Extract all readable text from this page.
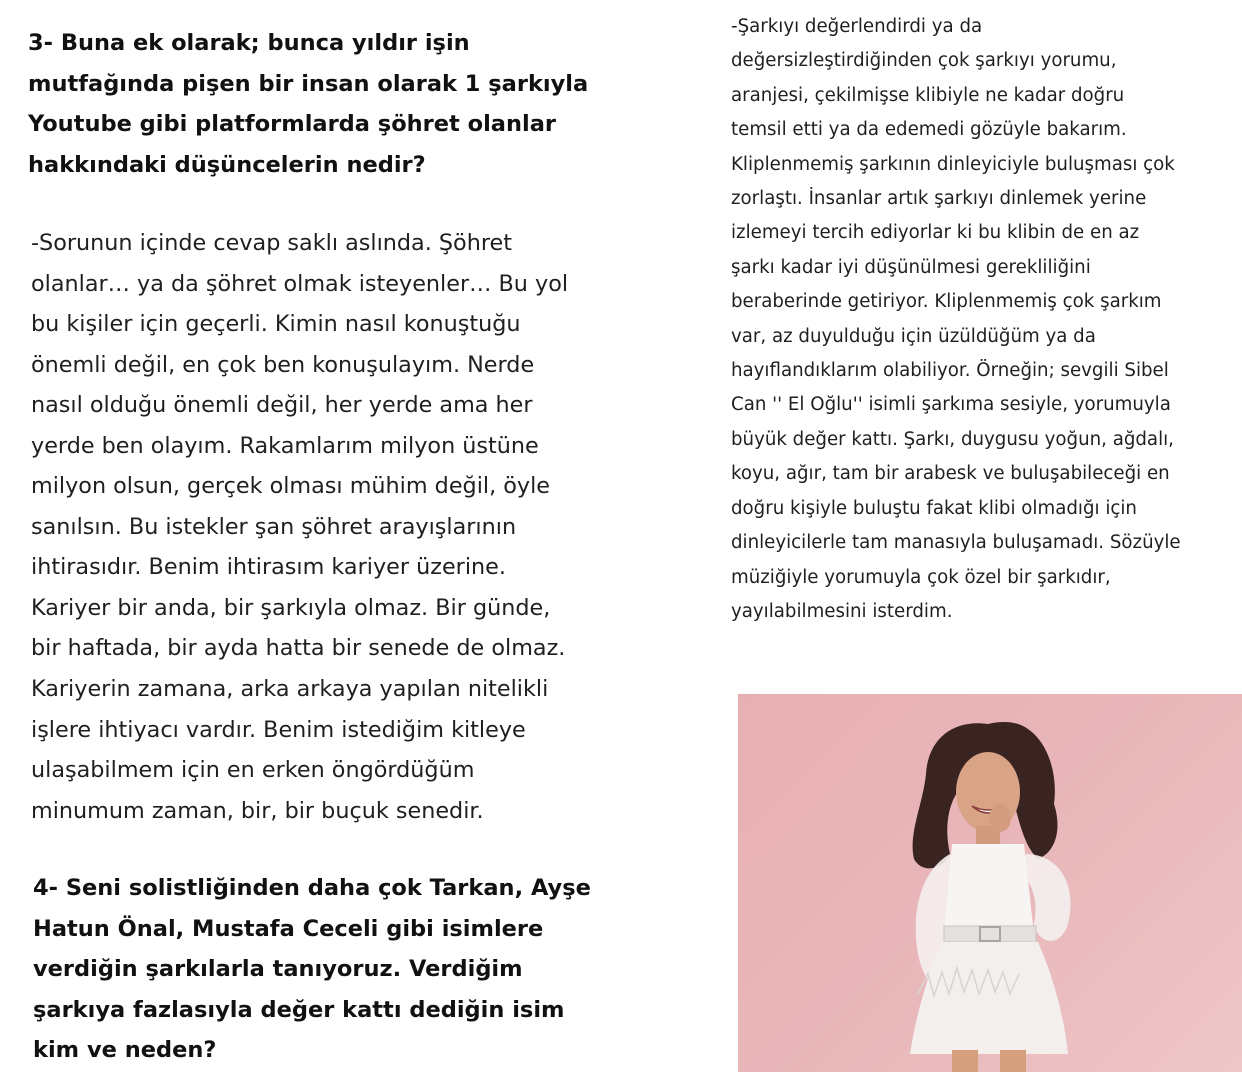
3- Buna ek olarak; bunca yıldır işin
mutfağında pişen bir insan olarak 1 şarkıyla
Youtube gibi platformlarda şöhret olanlar
hakkındaki düşüncelerin nedir?

-Sorunun içinde cevap saklı aslında. Şöhret
olanlar… ya da şöhret olmak isteyenler… Bu yol
bu kişiler için geçerli. Kimin nasıl konuştuğu
önemli değil, en çok ben konuşulayım. Nerde
nasıl olduğu önemli değil, her yerde ama her
yerde ben olayım. Rakamlarım milyon üstüne
milyon olsun, gerçek olması mühim değil, öyle
sanılsın. Bu istekler şan şöhret arayışlarının
ihtirasıdır. Benim ihtirasım kariyer üzerine.
Kariyer bir anda, bir şarkıyla olmaz. Bir günde,
bir haftada, bir ayda hatta bir senede de olmaz.
Kariyerin zamana, arka arkaya yapılan nitelikli
işlere ihtiyacı vardır. Benim istediğim kitleye
ulaşabilmem için en erken öngördüğüm
minumum zaman, bir, bir buçuk senedir.

4- Seni solistliğinden daha çok Tarkan, Ayşe
Hatun Önal, Mustafa Ceceli gibi isimlere
verdiğin şarkılarla tanıyoruz. Verdiğim
şarkıya fazlasıyla değer kattı dediğin isim
kim ve neden?

-Şarkıyı değerlendirdi ya da
değersizleştirdiğinden çok şarkıyı yorumu,
aranjesi, çekilmişse klibiyle ne kadar doğru
temsil etti ya da edemedi gözüyle bakarım.
Kliplenmemiş şarkının dinleyiciyle buluşması çok
zorlaştı. İnsanlar artık şarkıyı dinlemek yerine
izlemeyi tercih ediyorlar ki bu klibin de en az
şarkı kadar iyi düşünülmesi gerekliliğini
beraberinde getiriyor. Kliplenmemiş çok şarkım
var, az duyulduğu için üzüldüğüm ya da
hayıflandıklarım olabiliyor. Örneğin; sevgili Sibel
Can '' El Oğlu'' isimli şarkıma sesiyle, yorumuyla
büyük değer kattı. Şarkı, duygusu yoğun, ağdalı,
koyu, ağır, tam bir arabesk ve buluşabileceği en
doğru kişiyle buluştu fakat klibi olmadığı için
dinleyicilerle tam manasıyla buluşamadı. Sözüyle
müziğiyle yorumuyla çok özel bir şarkıdır,
yayılabilmesini isterdim.
